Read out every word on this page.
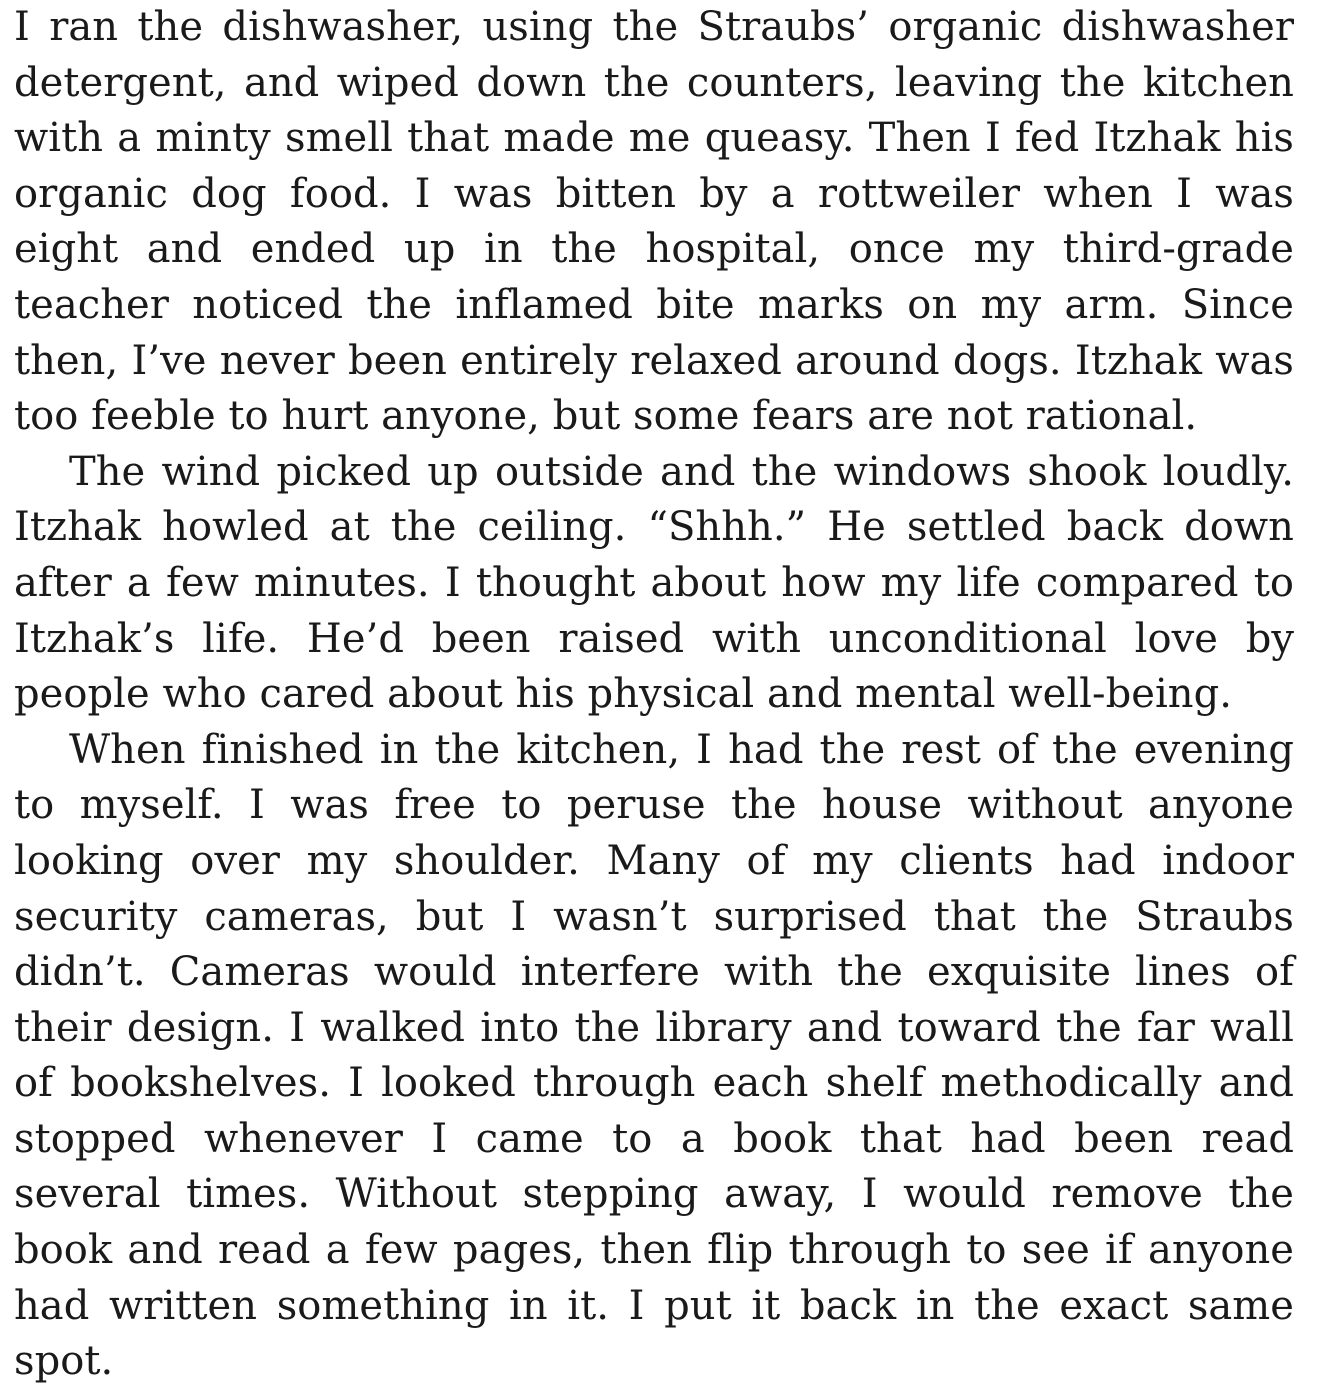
I ran the dishwasher, using the Straubs’ organic dishwasher detergent, and wiped down the counters, leaving the kitchen with a minty smell that made me queasy. Then I fed Itzhak his organic dog food. I was bitten by a rottweiler when I was eight and ended up in the hospital, once my third-grade teacher noticed the inflamed bite marks on my arm. Since then, I’ve never been entirely relaxed around dogs. Itzhak was too feeble to hurt anyone, but some fears are not rational.

The wind picked up outside and the windows shook loudly. Itzhak howled at the ceiling. “Shhh.” He settled back down after a few minutes. I thought about how my life compared to Itzhak’s life. He’d been raised with unconditional love by people who cared about his physical and mental well-being.

When finished in the kitchen, I had the rest of the evening to myself. I was free to peruse the house without anyone looking over my shoulder. Many of my clients had indoor security cameras, but I wasn’t surprised that the Straubs didn’t. Cameras would interfere with the exquisite lines of their design. I walked into the library and toward the far wall of bookshelves. I looked through each shelf methodically and stopped whenever I came to a book that had been read several times. Without stepping away, I would remove the book and read a few pages, then flip through to see if anyone had written something in it. I put it back in the exact same spot.
